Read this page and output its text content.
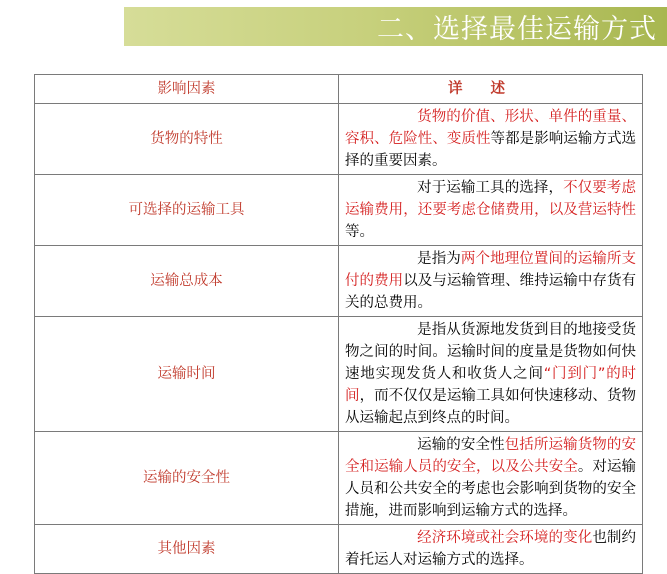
二、选择最佳运输方式
影响因素	详述
货物的特性	货物的价值、形状、单件的重量、容积、危险性、变质性等都是影响运输方式选择的重要因素。
可选择的运输工具	对于运输工具的选择，不仅要考虑运输费用，还要考虑仓储费用，以及营运特性等。
运输总成本	是指为两个地理位置间的运输所支付的费用以及与运输管理、维持运输中存货有关的总费用。
运输时间	是指从货源地发货到目的地接受货物之间的时间。运输时间的度量是货物如何快速地实现发货人和收货人之间“门到门”的时间，而不仅仅是运输工具如何快速移动、货物从运输起点到终点的时间。
运输的安全性	运输的安全性包括所运输货物的安全和运输人员的安全，以及公共安全。对运输人员和公共安全的考虑也会影响到货物的安全措施，进而影响到运输方式的选择。
其他因素	经济环境或社会环境的变化也制约着托运人对运输方式的选择。
